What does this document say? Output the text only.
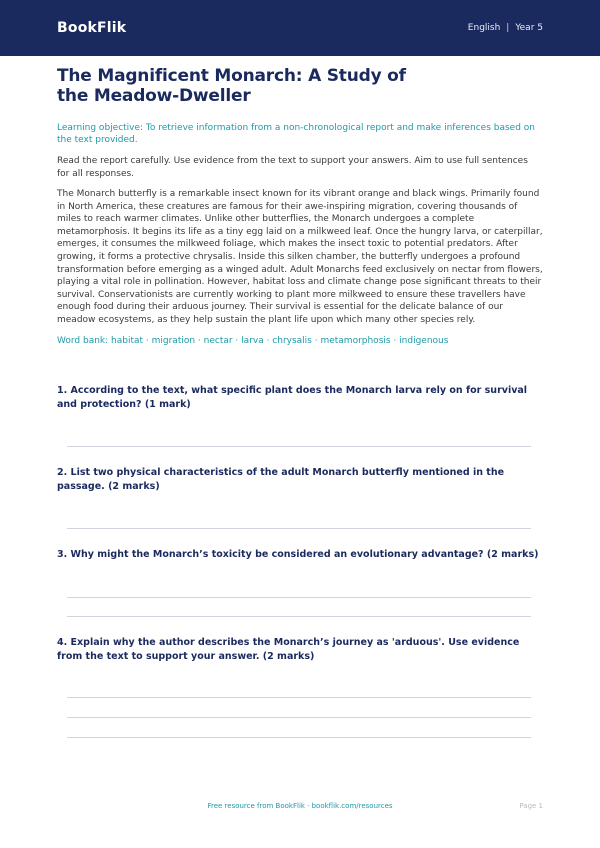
BookFlik	English | Year 5
The Magnificent Monarch: A Study of the Meadow-Dweller

Learning objective: To retrieve information from a non-chronological report and make inferences based on the text provided.

Read the report carefully. Use evidence from the text to support your answers. Aim to use full sentences for all responses.

The Monarch butterfly is a remarkable insect known for its vibrant orange and black wings. Primarily found in North America, these creatures are famous for their awe-inspiring migration, covering thousands of miles to reach warmer climates. Unlike other butterflies, the Monarch undergoes a complete metamorphosis. It begins its life as a tiny egg laid on a milkweed leaf. Once the hungry larva, or caterpillar, emerges, it consumes the milkweed foliage, which makes the insect toxic to potential predators. After growing, it forms a protective chrysalis. Inside this silken chamber, the butterfly undergoes a profound transformation before emerging as a winged adult. Adult Monarchs feed exclusively on nectar from flowers, playing a vital role in pollination. However, habitat loss and climate change pose significant threats to their survival. Conservationists are currently working to plant more milkweed to ensure these travellers have enough food during their arduous journey. Their survival is essential for the delicate balance of our meadow ecosystems, as they help sustain the plant life upon which many other species rely.

Word bank: habitat · migration · nectar · larva · chrysalis · metamorphosis · indigenous

1. According to the text, what specific plant does the Monarch larva rely on for survival and protection? (1 mark)

2. List two physical characteristics of the adult Monarch butterfly mentioned in the passage. (2 marks)

3. Why might the Monarch’s toxicity be considered an evolutionary advantage? (2 marks)

4. Explain why the author describes the Monarch’s journey as 'arduous'. Use evidence from the text to support your answer. (2 marks)

Free resource from BookFlik · bookflik.com/resources	Page 1
